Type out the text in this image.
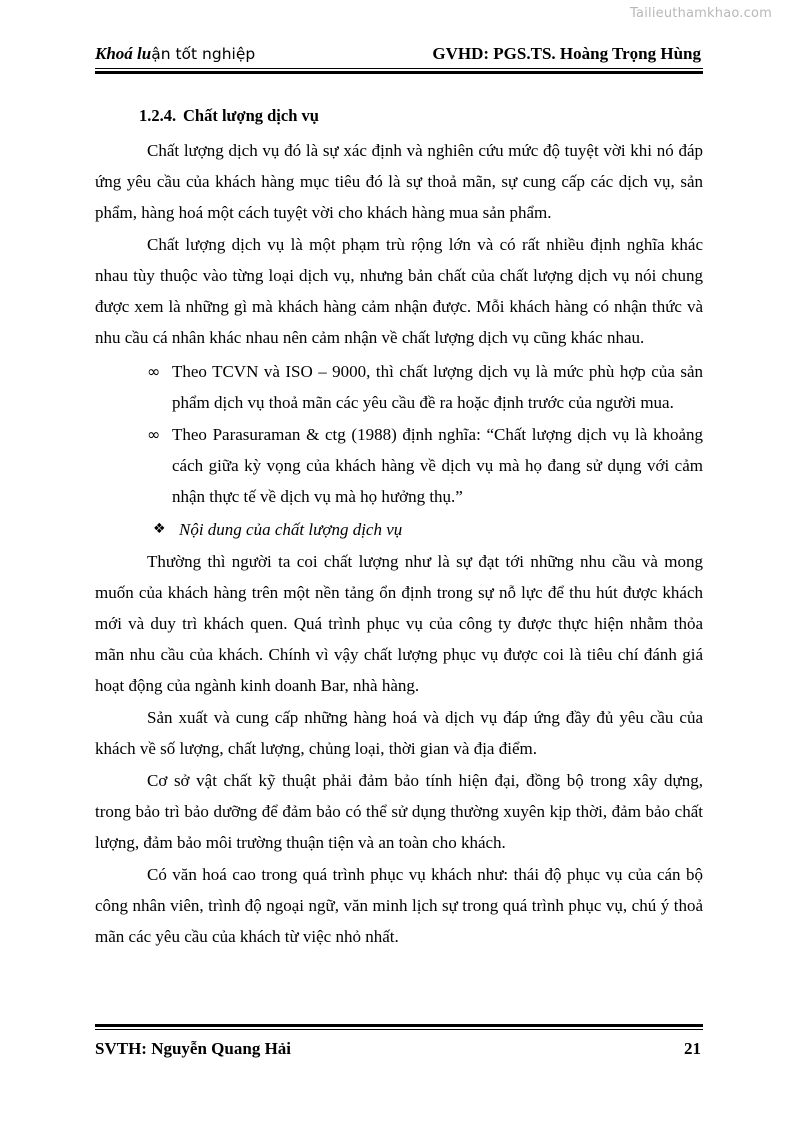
Tailieuthamkhao.com
Khoá luận tốt nghiệp	GVHD: PGS.TS. Hoàng Trọng Hùng
1.2.4. Chất lượng dịch vụ

Chất lượng dịch vụ đó là sự xác định và nghiên cứu mức độ tuyệt vời khi nó đáp ứng yêu cầu của khách hàng mục tiêu đó là sự thoả mãn, sự cung cấp các dịch vụ, sản phẩm, hàng hoá một cách tuyệt vời cho khách hàng mua sản phẩm.

Chất lượng dịch vụ là một phạm trù rộng lớn và có rất nhiều định nghĩa khác nhau tùy thuộc vào từng loại dịch vụ, nhưng bản chất của chất lượng dịch vụ nói chung được xem là những gì mà khách hàng cảm nhận được. Mỗi khách hàng có nhận thức và nhu cầu cá nhân khác nhau nên cảm nhận về chất lượng dịch vụ cũng khác nhau.

∞ Theo TCVN và ISO – 9000, thì chất lượng dịch vụ là mức phù hợp của sản phẩm dịch vụ thoả mãn các yêu cầu đề ra hoặc định trước của người mua.
∞ Theo Parasuraman & ctg (1988) định nghĩa: “Chất lượng dịch vụ là khoảng cách giữa kỳ vọng của khách hàng về dịch vụ mà họ đang sử dụng với cảm nhận thực tế về dịch vụ mà họ hưởng thụ.”
❖ Nội dung của chất lượng dịch vụ

Thường thì người ta coi chất lượng như là sự đạt tới những nhu cầu và mong muốn của khách hàng trên một nền tảng ổn định trong sự nỗ lực để thu hút được khách mới và duy trì khách quen. Quá trình phục vụ của công ty được thực hiện nhằm thỏa mãn nhu cầu của khách. Chính vì vậy chất lượng phục vụ được coi là tiêu chí đánh giá hoạt động của ngành kinh doanh Bar, nhà hàng.

Sản xuất và cung cấp những hàng hoá và dịch vụ đáp ứng đầy đủ yêu cầu của khách về số lượng, chất lượng, chủng loại, thời gian và địa điểm.

Cơ sở vật chất kỹ thuật phải đảm bảo tính hiện đại, đồng bộ trong xây dựng, trong bảo trì bảo dưỡng để đảm bảo có thể sử dụng thường xuyên kịp thời, đảm bảo chất lượng, đảm bảo môi trường thuận tiện và an toàn cho khách.

Có văn hoá cao trong quá trình phục vụ khách như: thái độ phục vụ của cán bộ công nhân viên, trình độ ngoại ngữ, văn minh lịch sự trong quá trình phục vụ, chú ý thoả mãn các yêu cầu của khách từ việc nhỏ nhất.

SVTH: Nguyễn Quang Hải	21
